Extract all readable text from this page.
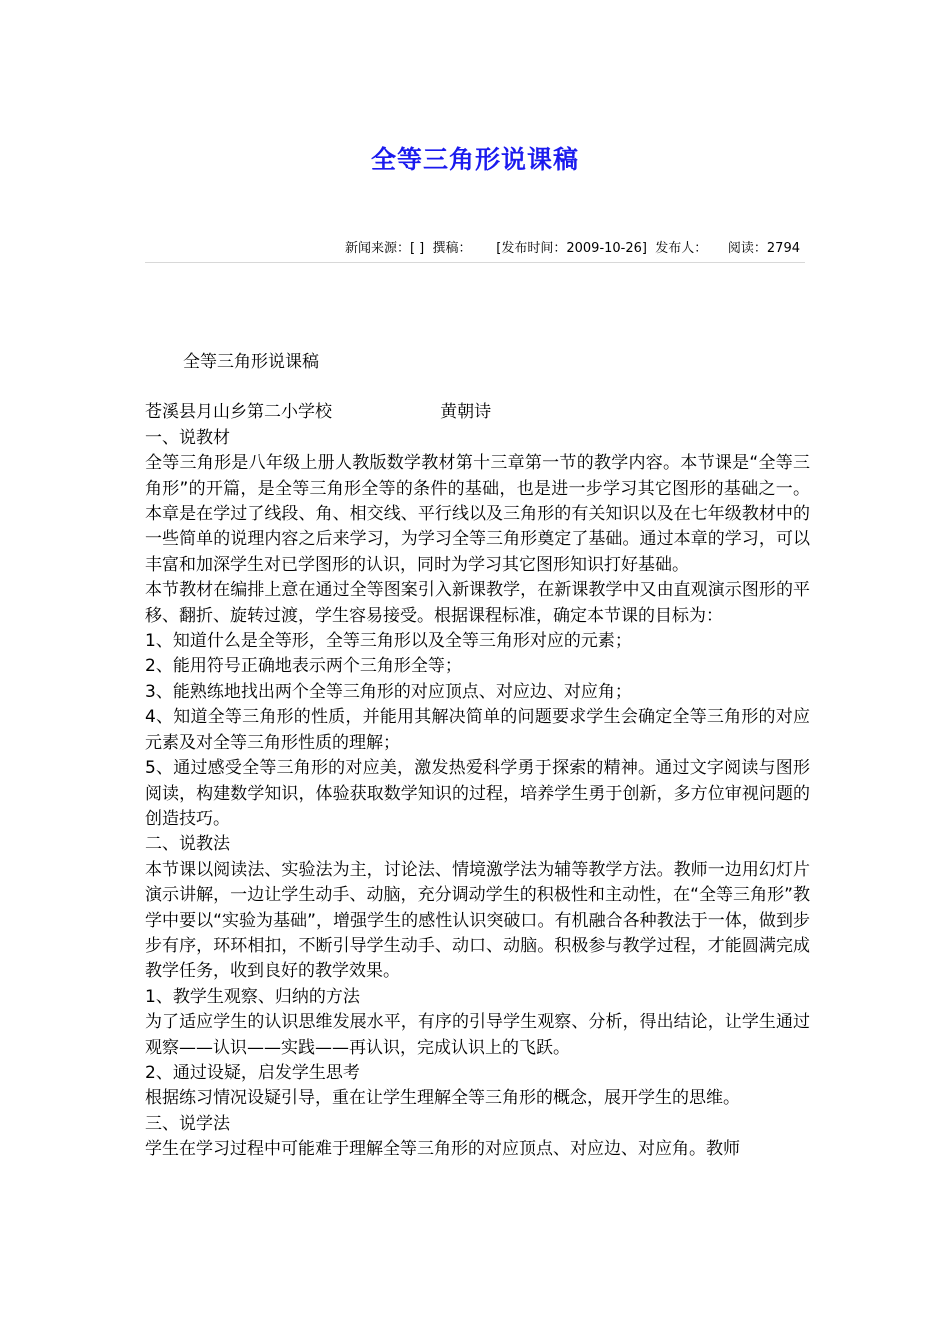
全等三角形说课稿
新闻来源：[ ]  撰稿：      [发布时间：2009-10-26]  发布人：     阅读：2794

全等三角形说课稿

苍溪县月山乡第二小学校                    黄朝诗

一、说教材

全等三角形是八年级上册人教版数学教材第十三章第一节的教学内容。本节课是“全等三角形”的开篇，是全等三角形全等的条件的基础，也是进一步学习其它图形的基础之一。本章是在学过了线段、角、相交线、平行线以及三角形的有关知识以及在七年级教材中的一些简单的说理内容之后来学习，为学习全等三角形奠定了基础。通过本章的学习，可以丰富和加深学生对已学图形的认识，同时为学习其它图形知识打好基础。

本节教材在编排上意在通过全等图案引入新课教学，在新课教学中又由直观演示图形的平移、翻折、旋转过渡，学生容易接受。根据课程标准，确定本节课的目标为：

1、知道什么是全等形，全等三角形以及全等三角形对应的元素；

2、能用符号正确地表示两个三角形全等；

3、能熟练地找出两个全等三角形的对应顶点、对应边、对应角；

4、知道全等三角形的性质，并能用其解决简单的问题要求学生会确定全等三角形的对应元素及对全等三角形性质的理解；

5、通过感受全等三角形的对应美，激发热爱科学勇于探索的精神。通过文字阅读与图形阅读，构建数学知识，体验获取数学知识的过程，培养学生勇于创新，多方位审视问题的创造技巧。

二、说教法

本节课以阅读法、实验法为主，讨论法、情境激学法为辅等教学方法。教师一边用幻灯片演示讲解，一边让学生动手、动脑，充分调动学生的积极性和主动性，在“全等三角形”教学中要以“实验为基础”，增强学生的感性认识突破口。有机融合各种教法于一体，做到步步有序，环环相扣，不断引导学生动手、动口、动脑。积极参与教学过程，才能圆满完成教学任务，收到良好的教学效果。

1、教学生观察、归纳的方法

为了适应学生的认识思维发展水平，有序的引导学生观察、分析，得出结论，让学生通过观察——认识——实践——再认识，完成认识上的飞跃。

2、通过设疑，启发学生思考

根据练习情况设疑引导，重在让学生理解全等三角形的概念，展开学生的思维。

三、说学法

学生在学习过程中可能难于理解全等三角形的对应顶点、对应边、对应角。教师
